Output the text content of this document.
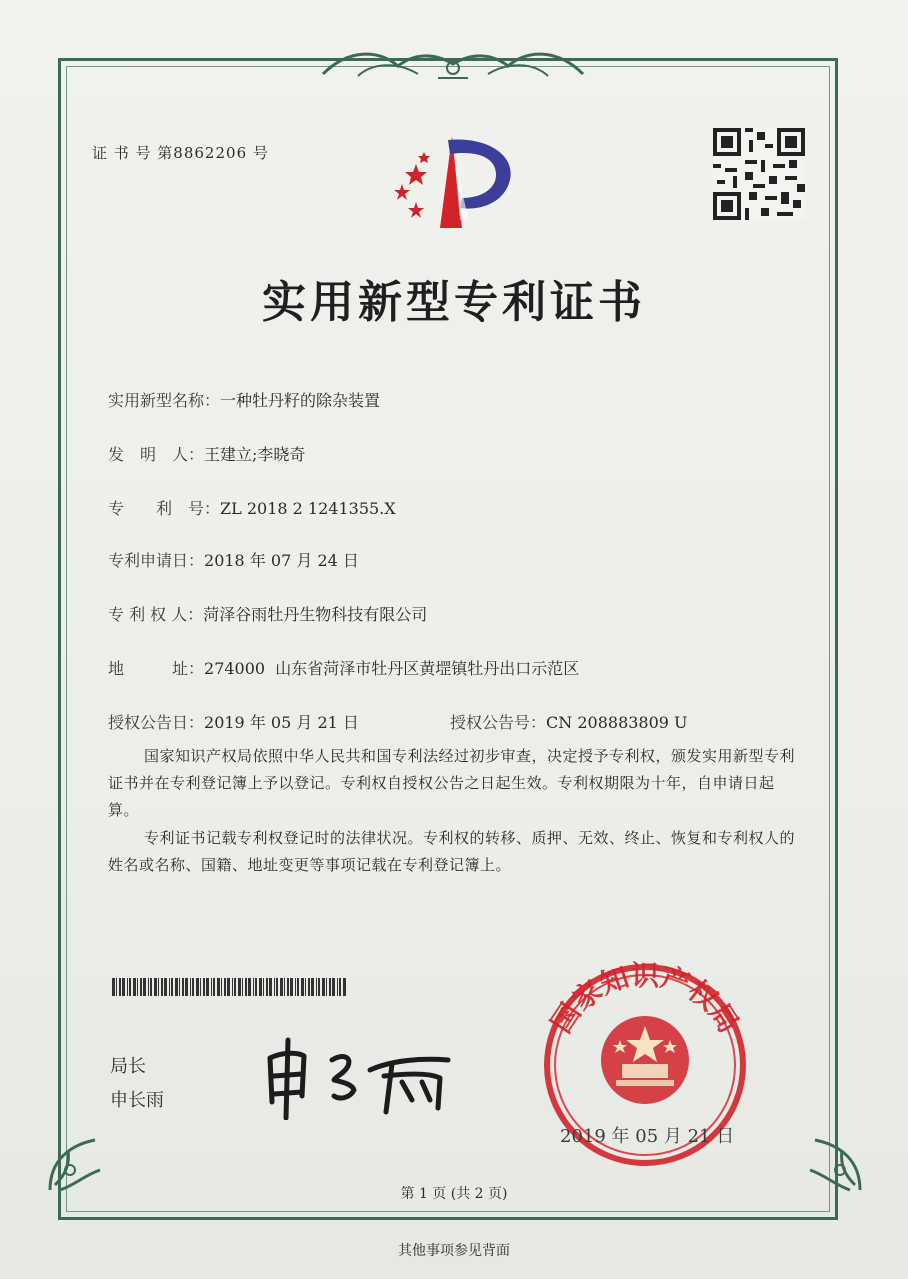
证 书 号 第8862206 号
实用新型专利证书
实用新型名称：一种牡丹籽的除杂装置
发　明　人：王建立;李晓奇
专　　利　号：ZL 2018 2 1241355.X
专利申请日：2018 年 07 月 24 日
专 利 权 人：菏泽谷雨牡丹生物科技有限公司
地　　　址：274000  山东省菏泽市牡丹区黄堽镇牡丹出口示范区
授权公告日：2019 年 05 月 21 日	授权公告号：CN 208883809 U
国家知识产权局依照中华人民共和国专利法经过初步审查，决定授予专利权，颁发实用新型专利证书并在专利登记簿上予以登记。专利权自授权公告之日起生效。专利权期限为十年，自申请日起算。
专利证书记载专利权登记时的法律状况。专利权的转移、质押、无效、终止、恢复和专利权人的姓名或名称、国籍、地址变更等事项记载在专利登记簿上。
局长
申长雨
国家知识产权局
2019 年 05 月 21 日
第 1 页 (共 2 页)
其他事项参见背面
